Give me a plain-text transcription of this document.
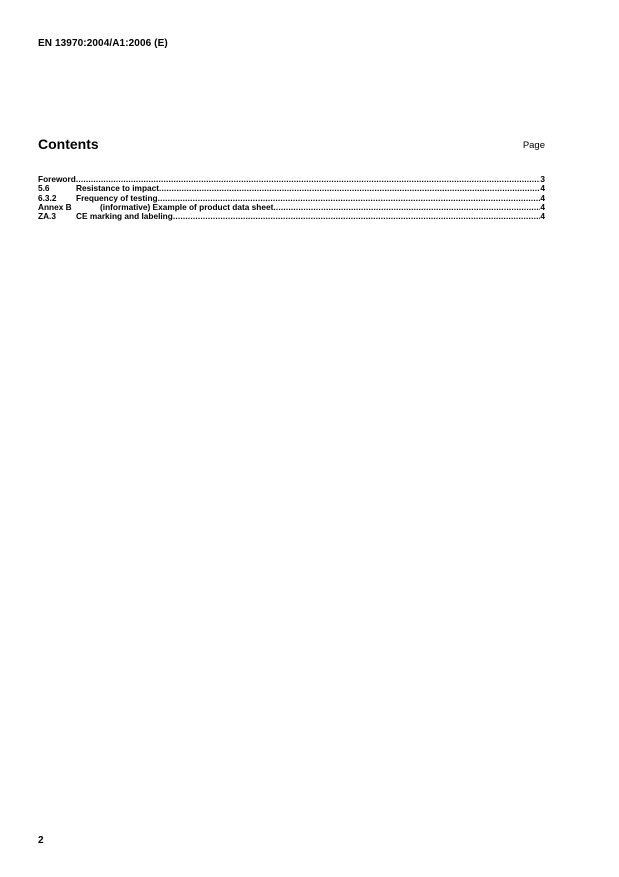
EN 13970:2004/A1:2006 (E)
Contents	Page
Foreword .....	3
5.6	Resistance to impact .....	4
6.3.2	Frequency of testing .....	4
Annex B	(informative) Example of product data sheet .....	4
ZA.3	CE marking and labeling .....	4
2
